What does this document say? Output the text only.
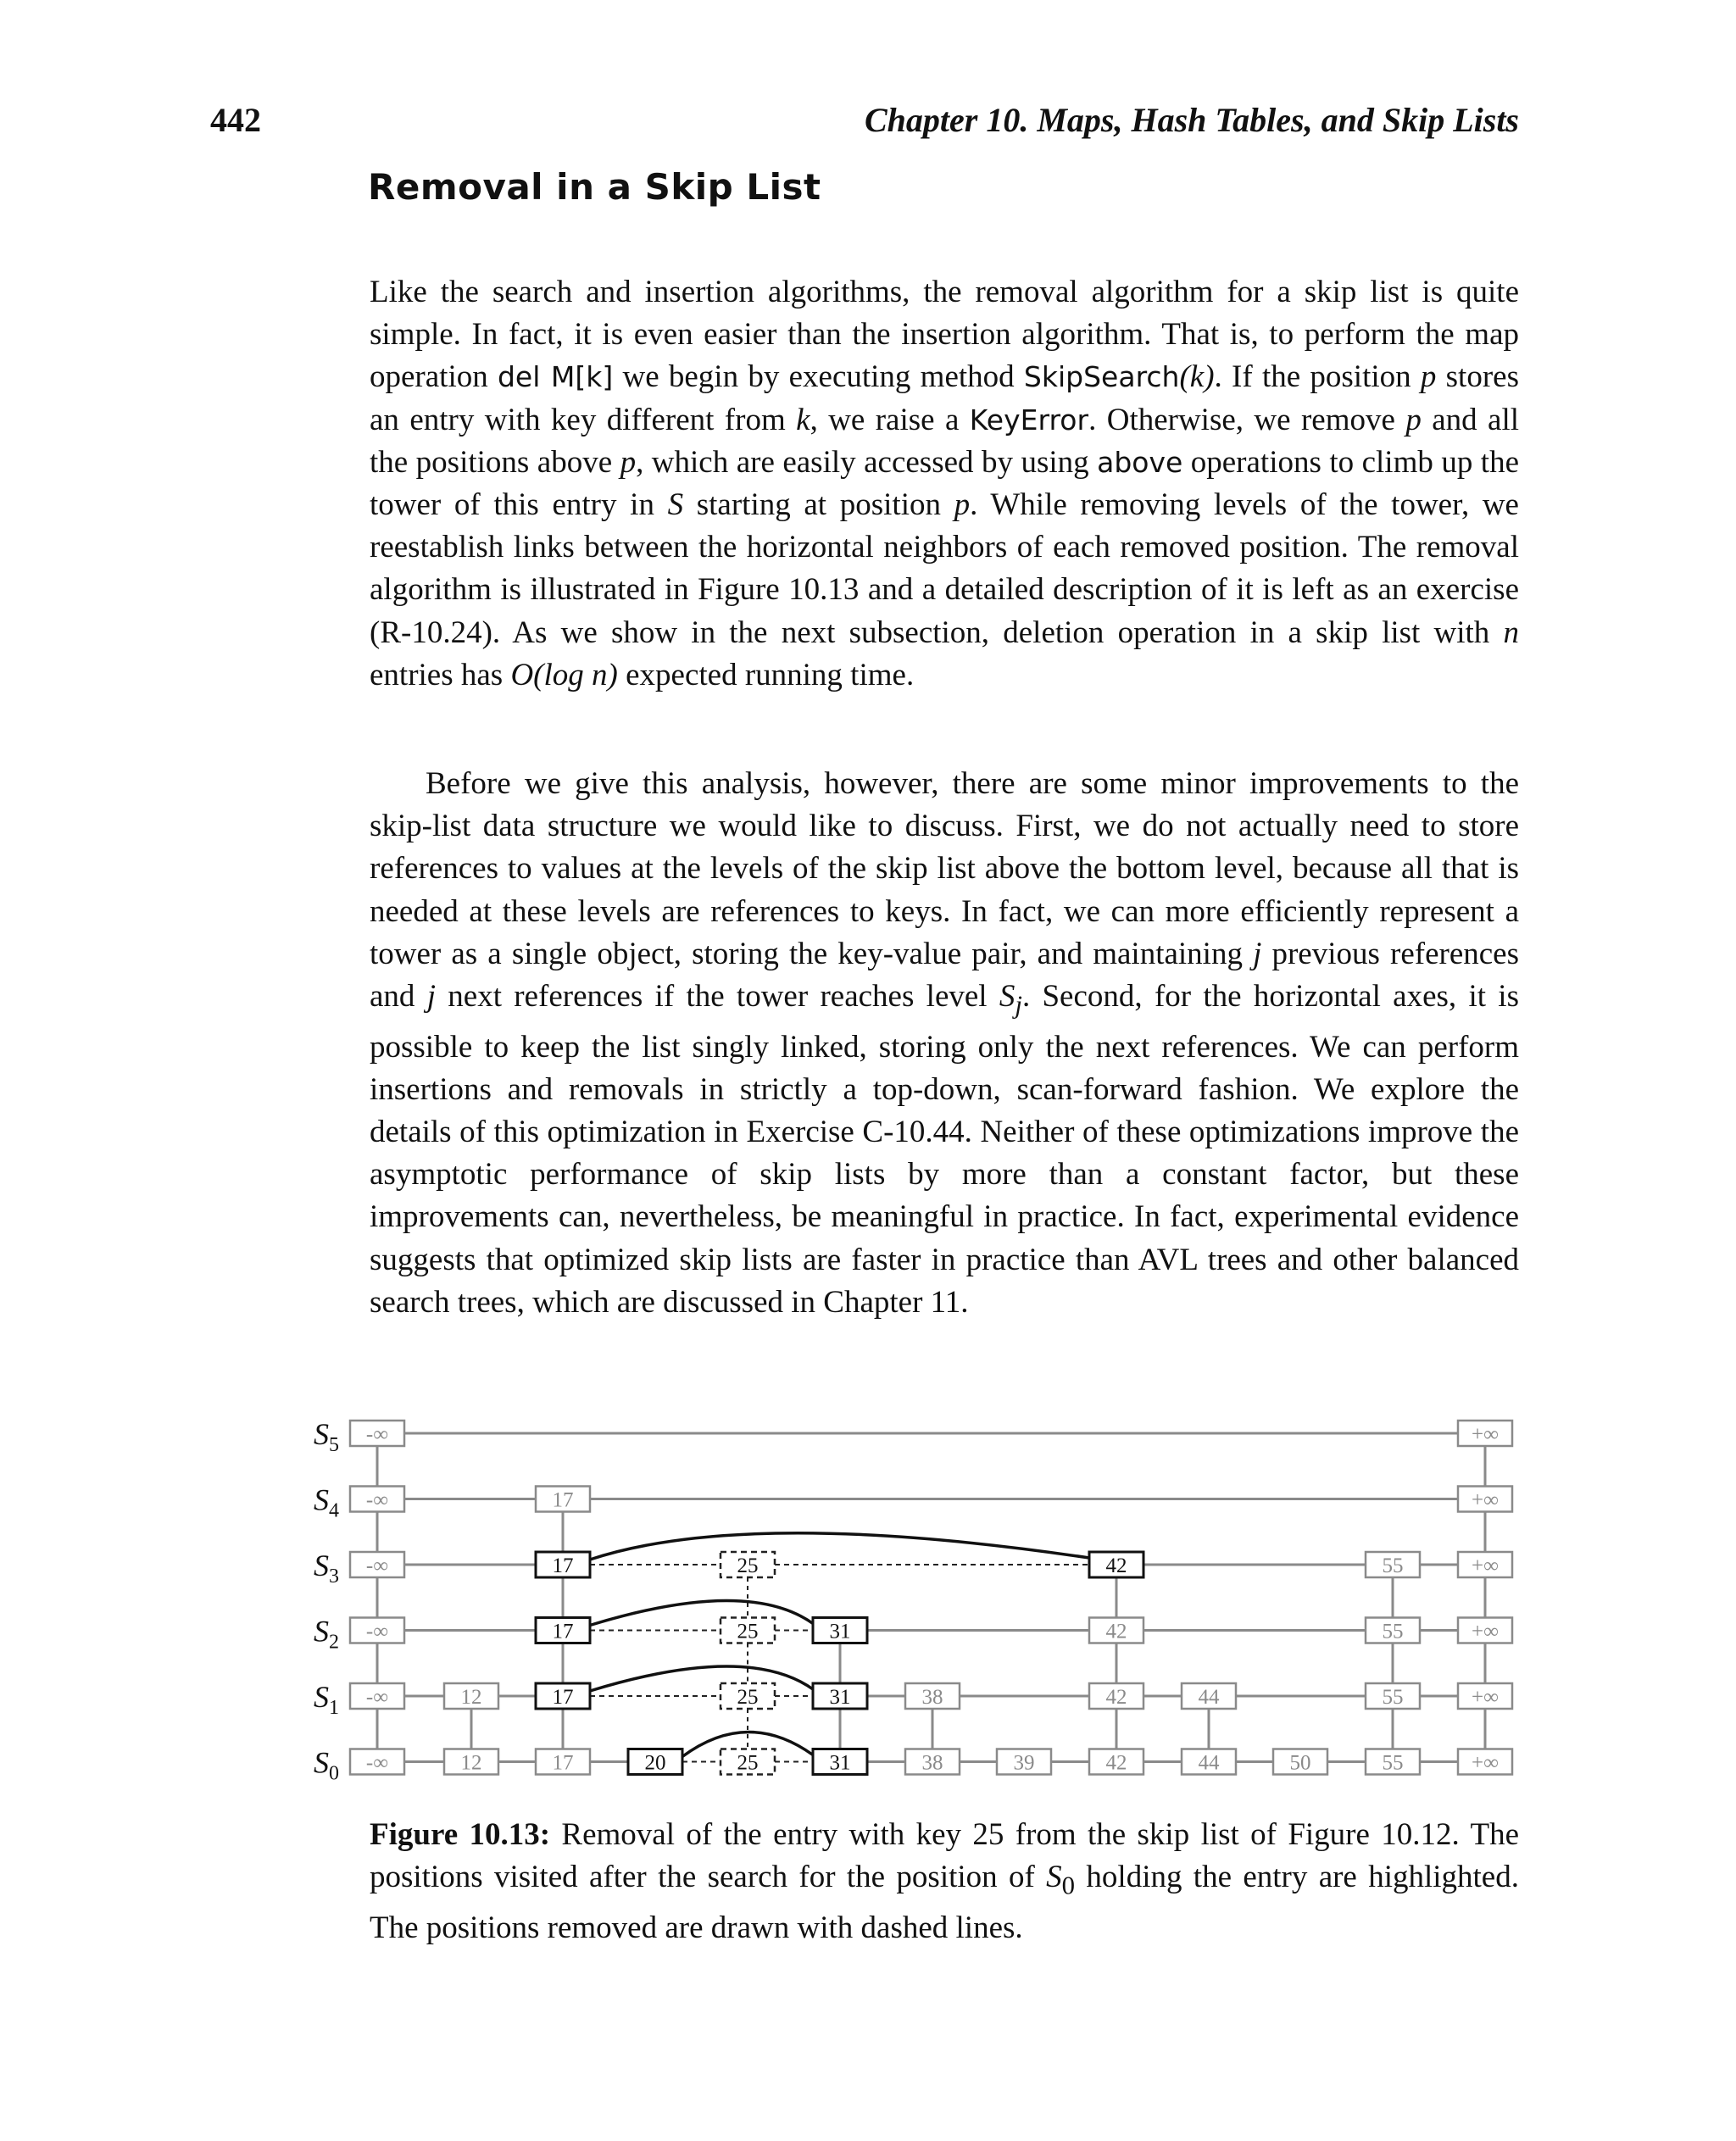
442	Chapter 10. Maps, Hash Tables, and Skip Lists
Removal in a Skip List

Like the search and insertion algorithms, the removal algorithm for a skip list is quite simple. In fact, it is even easier than the insertion algorithm. That is, to perform the map operation del M[k] we begin by executing method SkipSearch(k). If the position p stores an entry with key different from k, we raise a KeyError. Otherwise, we remove p and all the positions above p, which are easily accessed by using above operations to climb up the tower of this entry in S starting at position p. While removing levels of the tower, we reestablish links between the horizontal neighbors of each removed position. The removal algorithm is illustrated in Figure 10.13 and a detailed description of it is left as an exercise (R-10.24). As we show in the next subsection, deletion operation in a skip list with n entries has O(log n) expected running time.

Before we give this analysis, however, there are some minor improvements to the skip-list data structure we would like to discuss. First, we do not actually need to store references to values at the levels of the skip list above the bottom level, because all that is needed at these levels are references to keys. In fact, we can more efficiently represent a tower as a single object, storing the key-value pair, and maintaining j previous references and j next references if the tower reaches level $S_j$. Second, for the horizontal axes, it is possible to keep the list singly linked, storing only the next references. We can perform insertions and removals in strictly a top-down, scan-forward fashion. We explore the details of this optimization in Exercise C-10.44. Neither of these optimizations improve the asymptotic performance of skip lists by more than a constant factor, but these improvements can, nevertheless, be meaningful in practice. In fact, experimental evidence suggests that optimized skip lists are faster in practice than AVL trees and other balanced search trees, which are discussed in Chapter 11.

$S_5$ -∞	+∞
$S_4$ -∞	17	+∞
$S_3$ -∞	17	25	42	55	+∞
$S_2$ -∞	17	25	31	42	55	+∞
$S_1$ -∞	12	17	25	31	38	42	44	55	+∞
$S_0$ -∞	12	17	20	25	31	38	39	42	44	50	55	+∞

Figure 10.13: Removal of the entry with key 25 from the skip list of Figure 10.12. The positions visited after the search for the position of $S_0$ holding the entry are highlighted. The positions removed are drawn with dashed lines.
